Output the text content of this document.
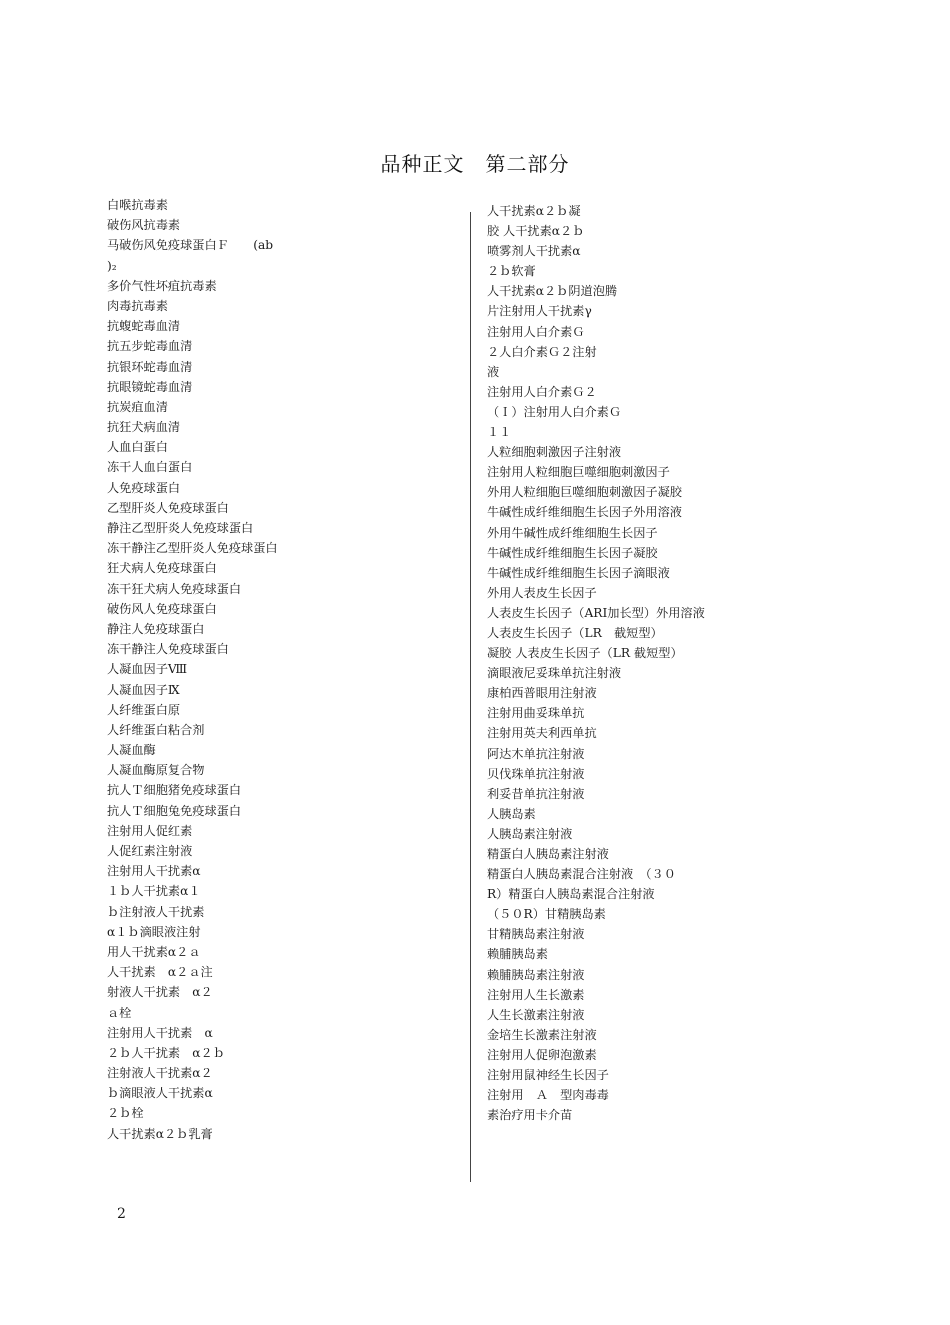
品种正文　第二部分
白喉抗毒素
破伤风抗毒素
马破伤风免疫球蛋白Ｆ　　(ab
)₂
多价气性坏疽抗毒素
肉毒抗毒素
抗蝮蛇毒血清
抗五步蛇毒血清
抗银环蛇毒血清
抗眼镜蛇毒血清
抗炭疽血清
抗狂犬病血清
人血白蛋白
冻干人血白蛋白
人免疫球蛋白
乙型肝炎人免疫球蛋白
静注乙型肝炎人免疫球蛋白
冻干静注乙型肝炎人免疫球蛋白
狂犬病人免疫球蛋白
冻干狂犬病人免疫球蛋白
破伤风人免疫球蛋白
静注人免疫球蛋白
冻干静注人免疫球蛋白
人凝血因子Ⅷ
人凝血因子Ⅸ
人纤维蛋白原
人纤维蛋白粘合剂
人凝血酶
人凝血酶原复合物
抗人Ｔ细胞猪免疫球蛋白
抗人Ｔ细胞兔免疫球蛋白
注射用人促红素
人促红素注射液
注射用人干扰素α
１ｂ人干扰素α１
ｂ注射液人干扰素
α１ｂ滴眼液注射
用人干扰素α２ａ
人干扰素　α２ａ注
射液人干扰素　α２
ａ栓
注射用人干扰素　α
２ｂ人干扰素　α２ｂ
注射液人干扰素α２
ｂ滴眼液人干扰素α
２ｂ栓
人干扰素α２ｂ乳膏
人干扰素α２ｂ凝
胶 人干扰素α２ｂ
喷雾剂人干扰素α
２ｂ软膏
人干扰素α２ｂ阴道泡腾
片注射用人干扰素γ
注射用人白介素Ｇ
２人白介素Ｇ２注射
液
注射用人白介素Ｇ２
（Ｉ）注射用人白介素Ｇ
１１
人粒细胞刺激因子注射液
注射用人粒细胞巨噬细胞刺激因子
外用人粒细胞巨噬细胞刺激因子凝胶
牛碱性成纤维细胞生长因子外用溶液
外用牛碱性成纤维细胞生长因子
牛碱性成纤维细胞生长因子凝胶
牛碱性成纤维细胞生长因子滴眼液
外用人表皮生长因子
人表皮生长因子（ARI加长型）外用溶液
人表皮生长因子（LR　截短型）
凝胶 人表皮生长因子（LR 截短型）
滴眼液尼妥珠单抗注射液
康柏西普眼用注射液
注射用曲妥珠单抗
注射用英夫利西单抗
阿达木单抗注射液
贝伐珠单抗注射液
利妥昔单抗注射液
人胰岛素
人胰岛素注射液
精蛋白人胰岛素注射液
精蛋白人胰岛素混合注射液　（３０
R）精蛋白人胰岛素混合注射液
（５０R）甘精胰岛素
甘精胰岛素注射液
赖脯胰岛素
赖脯胰岛素注射液
注射用人生长激素
人生长激素注射液
金培生长激素注射液
注射用人促卵泡激素
注射用鼠神经生长因子
注射用　Ａ　型肉毒毒
素治疗用卡介苗
2
